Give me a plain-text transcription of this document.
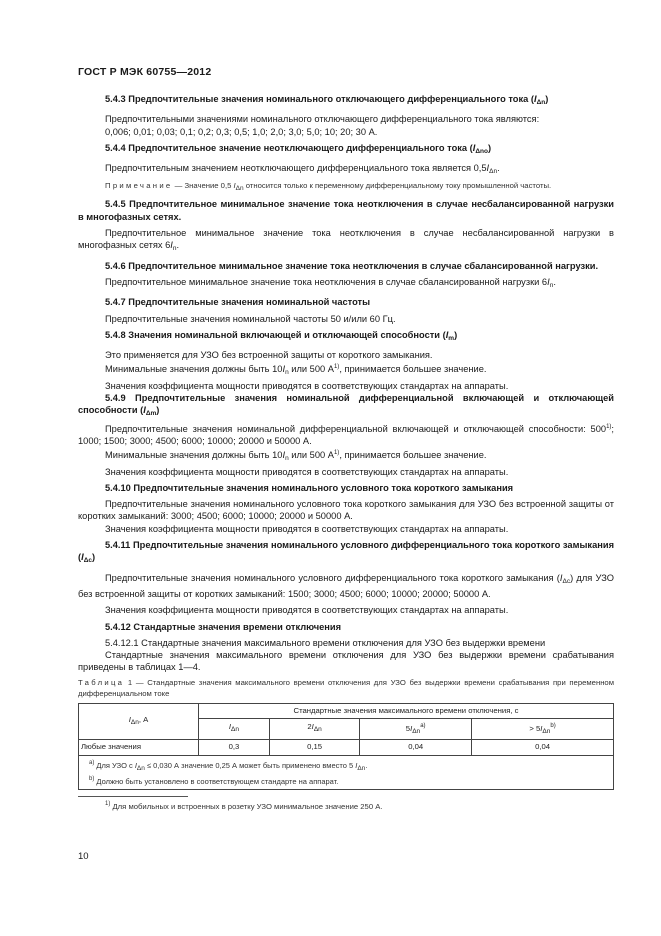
ГОСТ Р МЭК 60755—2012

5.4.3 Предпочтительные значения номинального отключающего дифференциального тока $(I_{\Delta n})$

Предпочтительными значениями номинального отключающего дифференциального тока являются:

0,006; 0,01; 0,03; 0,1; 0,2; 0,3; 0,5; 1,0; 2,0; 3,0; 5,0; 10; 20; 30 А.

5.4.4 Предпочтительное значение неотключающего дифференциального тока $(I_{\Delta no})$

Предпочтительным значением неотключающего дифференциального тока является $0,5I_{\Delta n}$.

Примечание — Значение 0,5 $I_{\Delta n}$ относится только к переменному дифференциальному току промышленной частоты.

5.4.5 Предпочтительное минимальное значение тока неотключения в случае несбалансированной нагрузки в многофазных сетях.

Предпочтительное минимальное значение тока неотключения в случае несбалансированной нагрузки в многофазных сетях $6I_n$.

5.4.6 Предпочтительное минимальное значение тока неотключения в случае сбалансированной нагрузки.

Предпочтительное минимальное значение тока неотключения в случае сбалансированной нагрузки $6I_n$.

5.4.7 Предпочтительные значения номинальной частоты

Предпочтительные значения номинальной частоты 50 и/или 60 Гц.

5.4.8 Значения номинальной включающей и отключающей способности $(I_m)$

Это применяется для УЗО без встроенной защиты от короткого замыкания.

Минимальные значения должны быть $10I_n$ или 500 $А^{1)}$, принимается большее значение.

Значения коэффициента мощности приводятся в соответствующих стандартах на аппараты.

5.4.9 Предпочтительные значения номинальной дифференциальной включающей и отключающей способности $(I_{\Delta m})$

Предпочтительные значения номинальной дифференциальной включающей и отключающей способности: 500$^{1)}$; 1000; 1500; 3000; 4500; 6000; 10000; 20000 и 50000 А.

Минимальные значения должны быть $10I_n$ или 500 $А^{1)}$, принимается большее значение.

Значения коэффициента мощности приводятся в соответствующих стандартах на аппараты.

5.4.10 Предпочтительные значения номинального условного тока короткого замыкания

Предпочтительные значения номинального условного тока короткого замыкания для УЗО без встроенной защиты от коротких замыканий: 3000; 4500; 6000; 10000; 20000 и 50000 А.

Значения коэффициента мощности приводятся в соответствующих стандартах на аппараты.

5.4.11 Предпочтительные значения номинального условного дифференциального тока короткого замыкания $(I_{\Delta c})$

Предпочтительные значения номинального условного дифференциального тока короткого замыкания $(I_{\Delta c})$ для УЗО без встроенной защиты от коротких замыканий: 1500; 3000; 4500; 6000; 10000; 20000; 50000 А.

Значения коэффициента мощности приводятся в соответствующих стандартах на аппараты.

5.4.12 Стандартные значения времени отключения

5.4.12.1 Стандартные значения максимального времени отключения для УЗО без выдержки времени

Стандартные значения максимального времени отключения для УЗО без выдержки времени срабатывания приведены в таблицах 1—4.

Таблица 1 — Стандартные значения максимального времени отключения для УЗО без выдержки времени срабатывания при переменном дифференциальном токе
$I_{\Delta n}$, А	Стандартные значения максимального времени отключения, с			
	$I_{\Delta n}$	$2I_{\Delta n}$	$5I_{\Delta n}^{а)}$	> $5I_{\Delta n}^{b)}$
Любые значения	0,3	0,15	0,04	0,04
$^{а)}$ Для УЗО с IΔn ≤ 0,030 А значение 0,25 А может быть применено вместо 5 IΔn.
$^{b)}$ Должно быть установлено в соответствующем стандарте на аппарат.
$^{1)}$ Для мобильных и встроенных в розетку УЗО минимальное значение 250 А.
10
